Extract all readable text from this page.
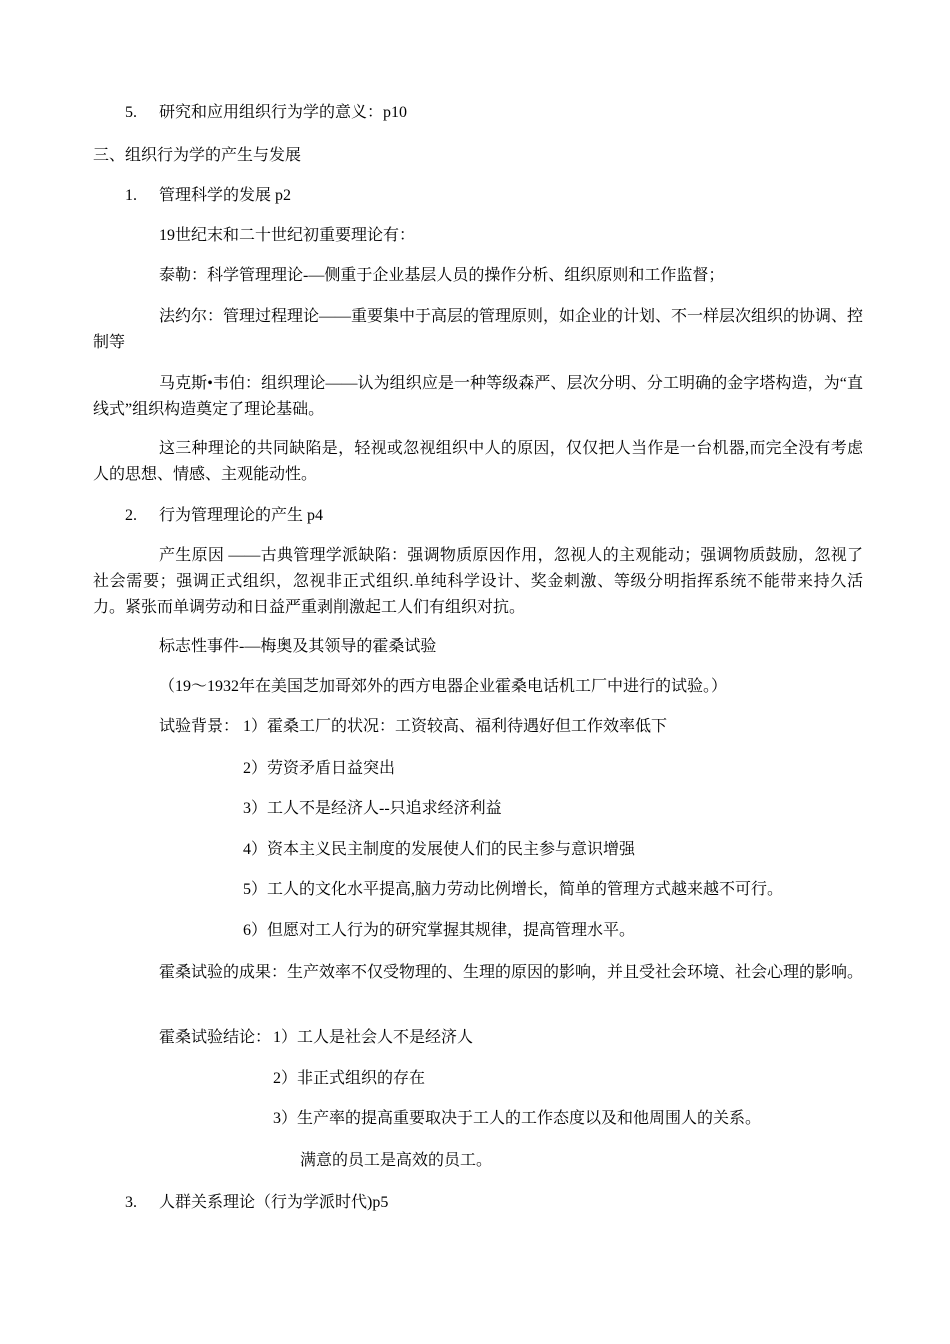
5. 研究和应用组织行为学的意义：p10
三、组织行为学的产生与发展
1. 管理科学的发展 p2
19世纪末和二十世纪初重要理论有：
泰勒：科学管理理论-—侧重于企业基层人员的操作分析、组织原则和工作监督；
法约尔：管理过程理论——重要集中于高层的管理原则，如企业的计划、不一样层次组织的协调、控制等
马克斯•韦伯：组织理论——认为组织应是一种等级森严、层次分明、分工明确的金字塔构造，为“直线式”组织构造奠定了理论基础。
这三种理论的共同缺陷是，轻视或忽视组织中人的原因，仅仅把人当作是一台机器,而完全没有考虑人的思想、情感、主观能动性。
2. 行为管理理论的产生 p4
产生原因 ——古典管理学派缺陷：强调物质原因作用，忽视人的主观能动；强调物质鼓励，忽视了社会需要；强调正式组织，忽视非正式组织.单纯科学设计、奖金刺激、等级分明指挥系统不能带来持久活力。紧张而单调劳动和日益严重剥削激起工人们有组织对抗。
标志性事件-—梅奥及其领导的霍桑试验
（19～1932年在美国芝加哥郊外的西方电器企业霍桑电话机工厂中进行的试验。）
试验背景： 1）霍桑工厂的状况：工资较高、福利待遇好但工作效率低下
2）劳资矛盾日益突出
3）工人不是经济人--只追求经济利益
4）资本主义民主制度的发展使人们的民主参与意识增强
5）工人的文化水平提高,脑力劳动比例增长，简单的管理方式越来越不可行。
6）但愿对工人行为的研究掌握其规律，提高管理水平。
霍桑试验的成果：生产效率不仅受物理的、生理的原因的影响，并且受社会环境、社会心理的影响。
霍桑试验结论： 1）工人是社会人不是经济人
2）非正式组织的存在
3）生产率的提高重要取决于工人的工作态度以及和他周围人的关系。
满意的员工是高效的员工。
3. 人群关系理论（行为学派时代)p5
